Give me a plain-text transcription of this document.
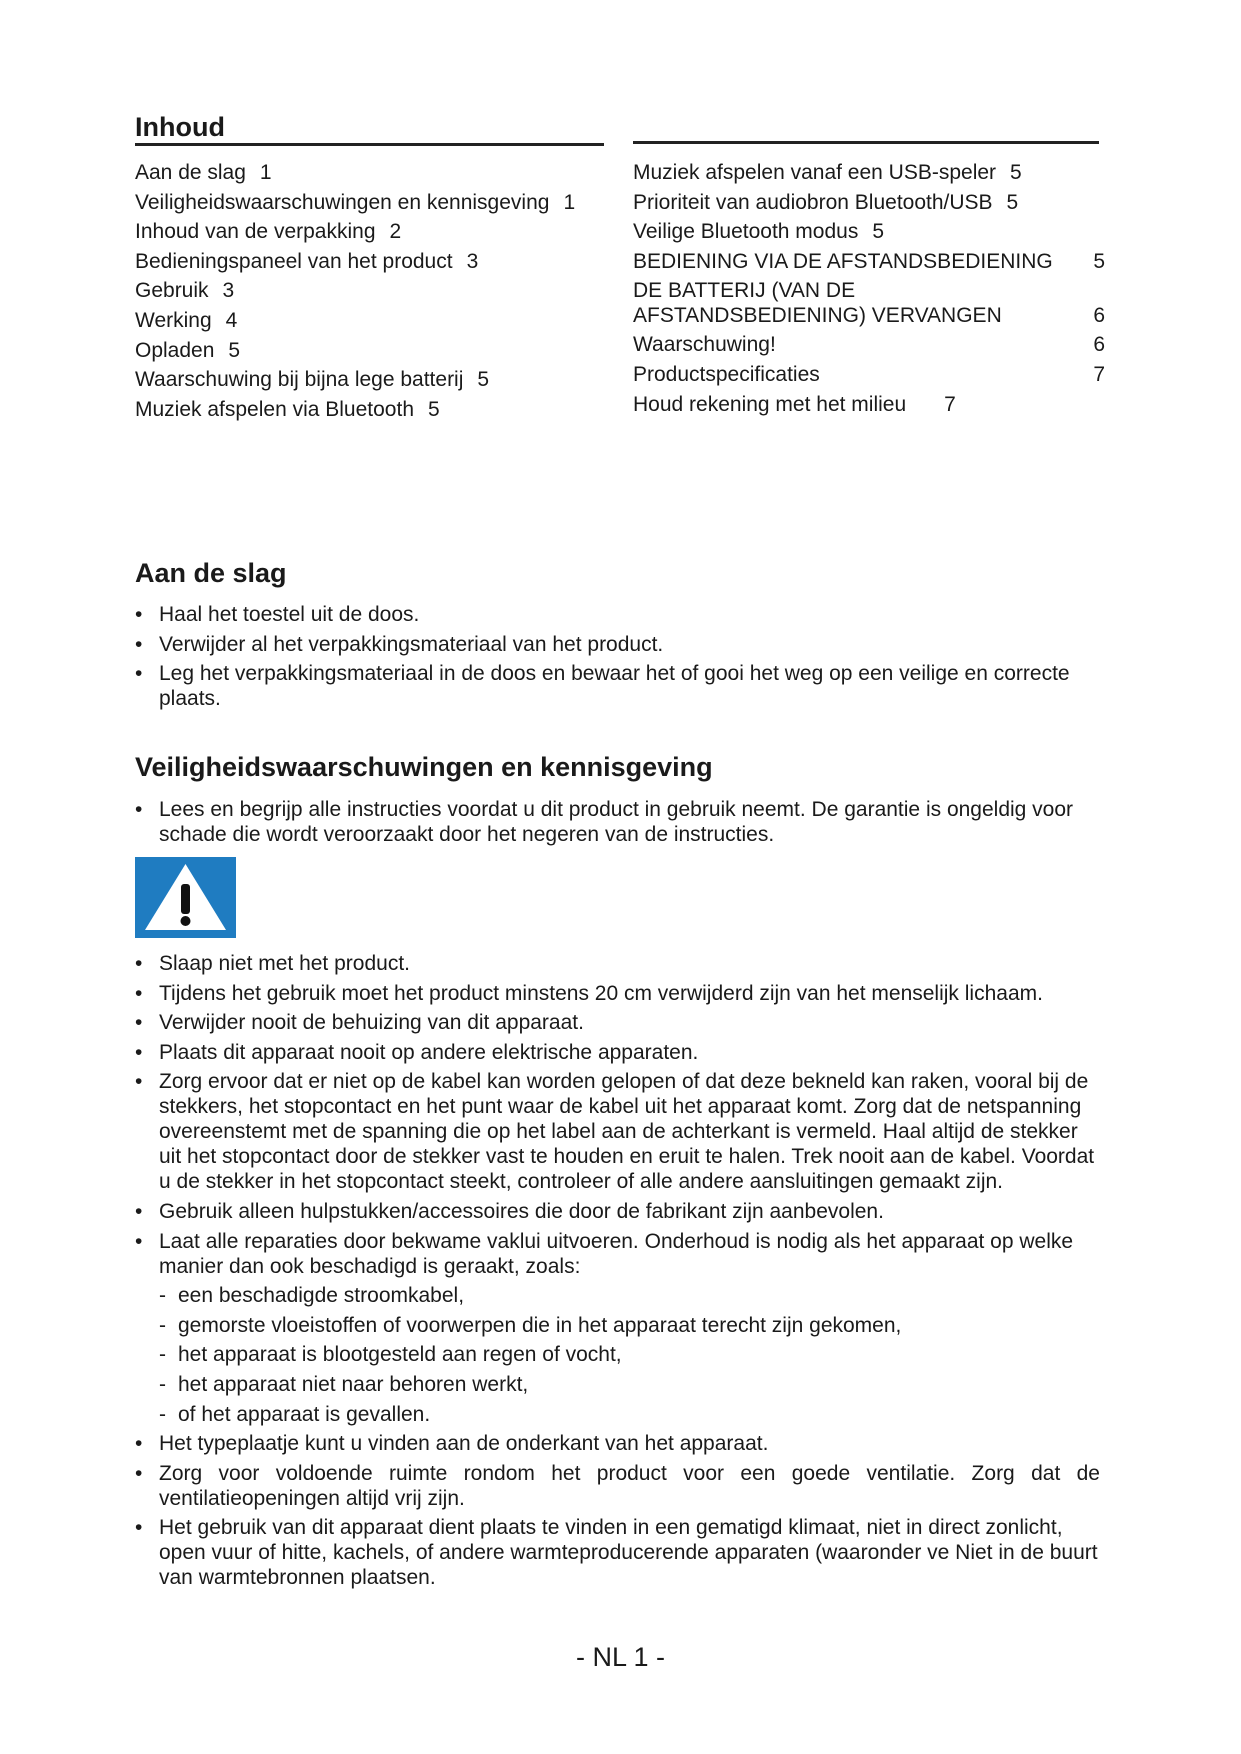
Inhoud
Aan de slag 1
Veiligheidswaarschuwingen en kennisgeving 1
Inhoud van de verpakking 2
Bedieningspaneel van het product 3
Gebruik 3
Werking 4
Opladen 5
Waarschuwing bij bijna lege batterij 5
Muziek afspelen via Bluetooth 5
Muziek afspelen vanaf een USB-speler 5
Prioriteit van audiobron Bluetooth/USB 5
Veilige Bluetooth modus 5
BEDIENING VIA DE AFSTANDSBEDIENING 5
DE BATTERIJ (VAN DE AFSTANDSBEDIENING) VERVANGEN	6
Waarschuwing!	6
Productspecificaties	7
Houd rekening met het milieu 7
Aan de slag
• Haal het toestel uit de doos.
• Verwijder al het verpakkingsmateriaal van het product.
• Leg het verpakkingsmateriaal in de doos en bewaar het of gooi het weg op een veilige en correcte plaats.
Veiligheidswaarschuwingen en kennisgeving
• Lees en begrijp alle instructies voordat u dit product in gebruik neemt. De garantie is ongeldig voor schade die wordt veroorzaakt door het negeren van de instructies.
• Slaap niet met het product.
• Tijdens het gebruik moet het product minstens 20 cm verwijderd zijn van het menselijk lichaam.
• Verwijder nooit de behuizing van dit apparaat.
• Plaats dit apparaat nooit op andere elektrische apparaten.
• Zorg ervoor dat er niet op de kabel kan worden gelopen of dat deze bekneld kan raken, vooral bij de stekkers, het stopcontact en het punt waar de kabel uit het apparaat komt. Zorg dat de netspanning overeenstemt met de spanning die op het label aan de achterkant is vermeld. Haal altijd de stekker uit het stopcontact door de stekker vast te houden en eruit te halen. Trek nooit aan de kabel. Voordat u de stekker in het stopcontact steekt, controleer of alle andere aansluitingen gemaakt zijn.
• Gebruik alleen hulpstukken/accessoires die door de fabrikant zijn aanbevolen.
• Laat alle reparaties door bekwame vaklui uitvoeren. Onderhoud is nodig als het apparaat op welke manier dan ook beschadigd is geraakt, zoals:
- een beschadigde stroomkabel,
- gemorste vloeistoffen of voorwerpen die in het apparaat terecht zijn gekomen,
- het apparaat is blootgesteld aan regen of vocht,
- het apparaat niet naar behoren werkt,
- of het apparaat is gevallen.
• Het typeplaatje kunt u vinden aan de onderkant van het apparaat.
• Zorg voor voldoende ruimte rondom het product voor een goede ventilatie. Zorg dat de ventilatieopeningen altijd vrij zijn.
• Het gebruik van dit apparaat dient plaats te vinden in een gematigd klimaat, niet in direct zonlicht, open vuur of hitte, kachels, of andere warmteproducerende apparaten (waaronder ve Niet in de buurt van warmtebronnen plaatsen.
- NL 1 -
